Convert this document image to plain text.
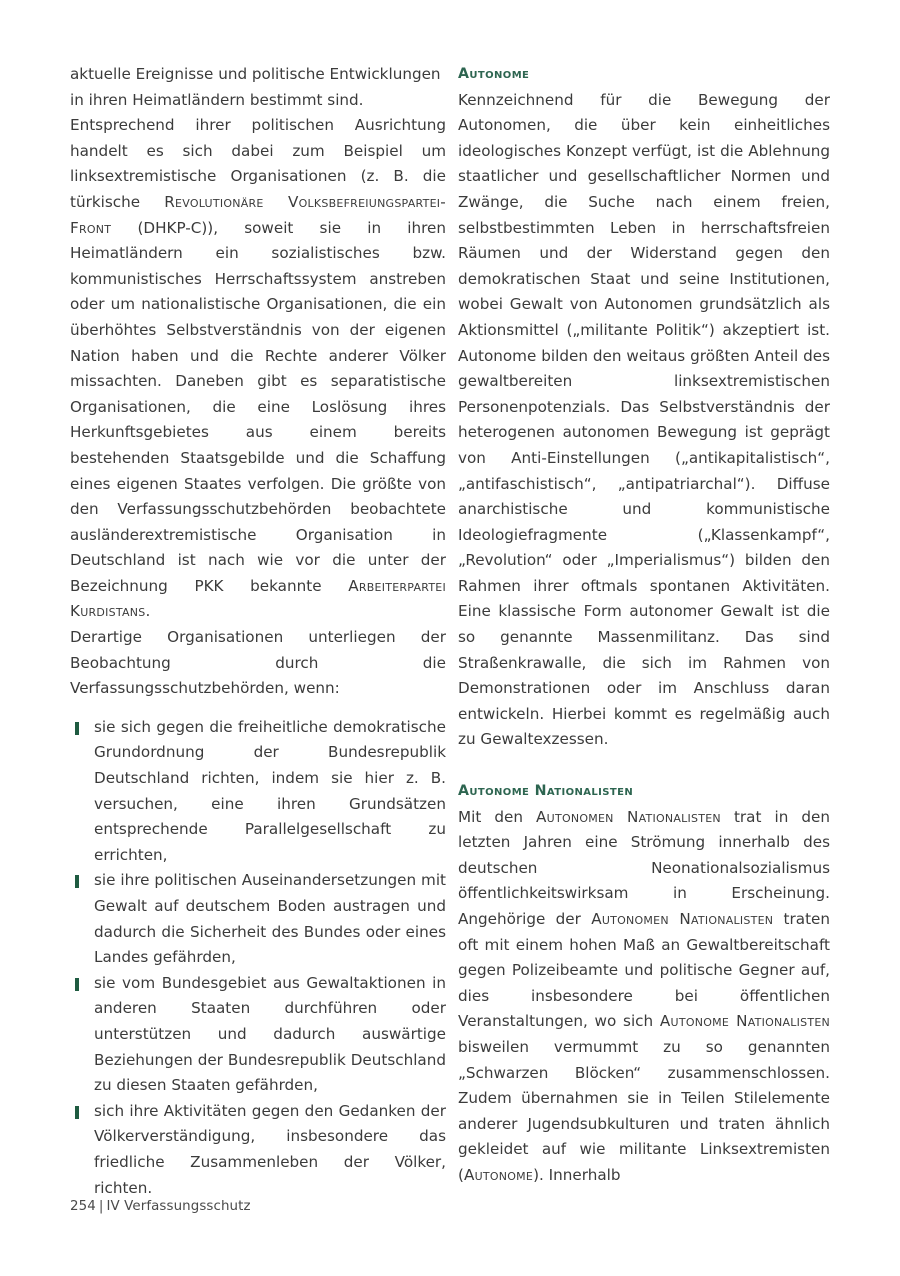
aktuelle Ereignisse und politische Entwicklungen in ihren Heimatländern bestimmt sind.

Entsprechend ihrer politischen Ausrichtung handelt es sich dabei zum Beispiel um linksextremistische Organisationen (z. B. die türkische Revolutionäre Volksbefreiungspartei-Front (DHKP-C)), soweit sie in ihren Heimatländern ein sozialistisches bzw. kommunistisches Herrschaftssystem anstreben oder um nationalistische Organisationen, die ein überhöhtes Selbstverständnis von der eigenen Nation haben und die Rechte anderer Völker missachten. Daneben gibt es separatistische Organisationen, die eine Loslösung ihres Herkunftsgebietes aus einem bereits bestehenden Staatsgebilde und die Schaffung eines eigenen Staates verfolgen. Die größte von den Verfassungsschutzbehörden beobachtete ausländerextremistische Organisation in Deutschland ist nach wie vor die unter der Bezeichnung PKK bekannte Arbeiterpartei Kurdistans.

Derartige Organisationen unterliegen der Beobachtung durch die Verfassungsschutzbehörden, wenn:

sie sich gegen die freiheitliche demokratische Grundordnung der Bundesrepublik Deutschland richten, indem sie hier z. B. versuchen, eine ihren Grundsätzen entsprechende Parallelgesellschaft zu errichten,
sie ihre politischen Auseinandersetzungen mit Gewalt auf deutschem Boden austragen und dadurch die Sicherheit des Bundes oder eines Landes gefährden,
sie vom Bundesgebiet aus Gewaltaktionen in anderen Staaten durchführen oder unterstützen und dadurch auswärtige Beziehungen der Bundesrepublik Deutschland zu diesen Staaten gefährden,
sich ihre Aktivitäten gegen den Gedanken der Völkerverständigung, insbesondere das friedliche Zusammenleben der Völker, richten.
Autonome

Kennzeichnend für die Bewegung der Autonomen, die über kein einheitliches ideologisches Konzept verfügt, ist die Ablehnung staatlicher und gesellschaftlicher Normen und Zwänge, die Suche nach einem freien, selbstbestimmten Leben in herrschaftsfreien Räumen und der Widerstand gegen den demokratischen Staat und seine Institutionen, wobei Gewalt von Autonomen grundsätzlich als Aktionsmittel („militante Politik“) akzeptiert ist. Autonome bilden den weitaus größten Anteil des gewaltbereiten linksextremistischen Personenpotenzials. Das Selbstverständnis der heterogenen autonomen Bewegung ist geprägt von Anti-Einstellungen („antikapitalistisch“, „antifaschistisch“, „antipatriarchal“). Diffuse anarchistische und kommunistische Ideologiefragmente („Klassenkampf“, „Revolution“ oder „Imperialismus“) bilden den Rahmen ihrer oftmals spontanen Aktivitäten. Eine klassische Form autonomer Gewalt ist die so genannte Massenmilitanz. Das sind Straßenkrawalle, die sich im Rahmen von Demonstrationen oder im Anschluss daran entwickeln. Hierbei kommt es regelmäßig auch zu Gewaltexzessen.

Autonome Nationalisten

Mit den Autonomen Nationalisten trat in den letzten Jahren eine Strömung innerhalb des deutschen Neonationalsozialismus öffentlichkeitswirksam in Erscheinung. Angehörige der Autonomen Nationalisten traten oft mit einem hohen Maß an Gewaltbereitschaft gegen Polizeibeamte und politische Gegner auf, dies insbesondere bei öffentlichen Veranstaltungen, wo sich Autonome Nationalisten bisweilen vermummt zu so genannten „Schwarzen Blöcken“ zusammenschlossen. Zudem übernahmen sie in Teilen Stilelemente anderer Jugendsubkulturen und traten ähnlich gekleidet auf wie militante Linksextremisten (Autonome). Innerhalb

254 | IV Verfassungsschutz
